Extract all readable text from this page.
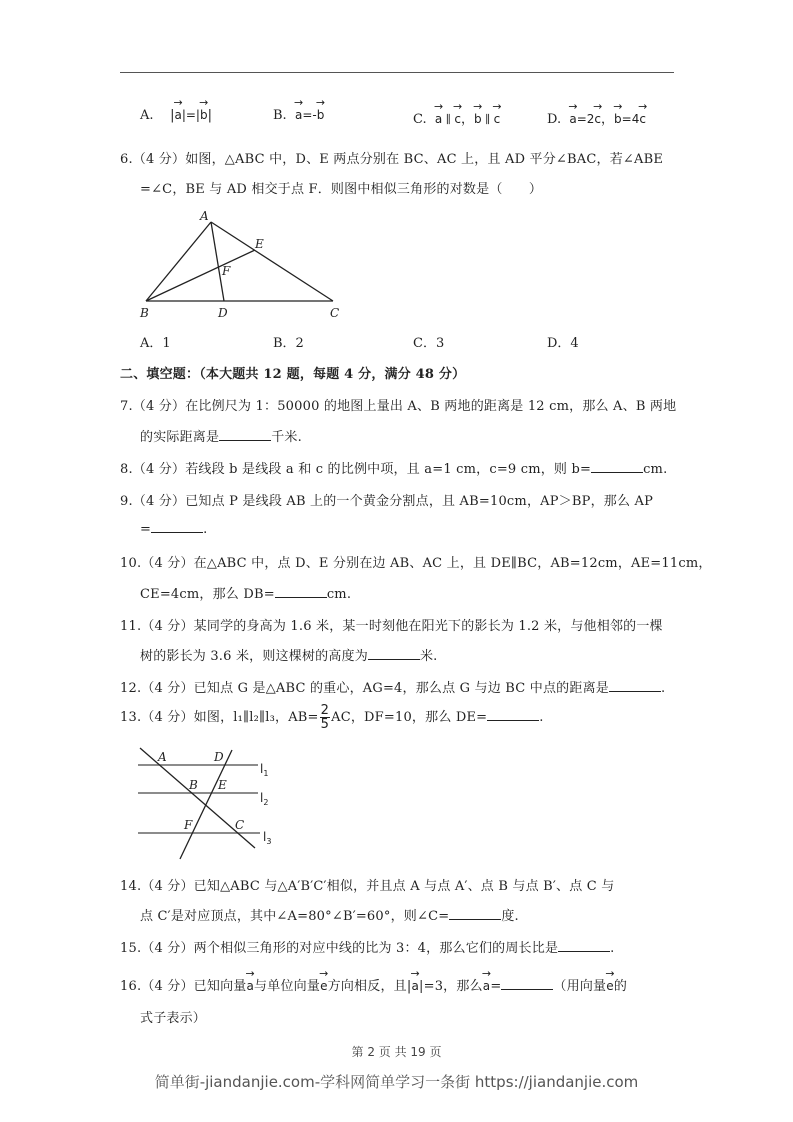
A. |→ a|=|→ b|	B. → a=-→ b	C. → a ∥ → c，→ b ∥ → c	D. → a=2→ c，→ b=4→ c
6.（4 分）如图，△ABC 中，D、E 两点分别在 BC、AC 上，且 AD 平分∠BAC，若∠ABE
=∠C，BE 与 AD 相交于点 F．则图中相似三角形的对数是（　　）
A
B	C
D
E
F
A．1	B．2	C．3	D．4
二、填空题：（本大题共 12 题，每题 4 分，满分 48 分）
7.（4 分）在比例尺为 1：50000 的地图上量出 A、B 两地的距离是 12 cm，那么 A、B 两地
的实际距离是	千米.
8.（4 分）若线段 b 是线段 a 和 c 的比例中项，且 a=1 cm，c=9 cm，则 b=	cm.
9.（4 分）已知点 P 是线段 AB 上的一个黄金分割点，且 AB=10cm，AP＞BP，那么 AP
=	.
10.（4 分）在△ABC 中，点 D、E 分别在边 AB、AC 上，且 DE∥BC，AB=12cm，AE=11cm，
CE=4cm，那么 DB=	cm.
11.（4 分）某同学的身高为 1.6 米，某一时刻他在阳光下的影长为 1.2 米，与他相邻的一棵
树的影长为 3.6 米，则这棵树的高度为	米.
12.（4 分）已知点 G 是△ABC 的重心，AG=4，那么点 G 与边 BC 中点的距离是	.
13.（4 分）如图，l₁∥l₂∥l₃，$AB= \frac{2}{5}$ AC，DF=10，那么 DE=	.
A	D
B E
F	C
$l_1$
$l_2$
$l_3$
14.（4 分）已知△ABC 与△A′B′C′相似，并且点 A 与点 A′、点 B 与点 B′、点 C 与
点 C′是对应顶点，其中∠A=80°∠B′=60°，则∠C=	度.
15.（4 分）两个相似三角形的对应中线的比为 3：4，那么它们的周长比是	.
16.（4 分）已知向量→ a与单位向量→ e方向相反，且|→ a|=3，那么→ a=	（用向量→ e的
式子表示）
第 2 页 共 19 页
简单街-jiandanjie.com-学科网简单学习一条街 https://jiandanjie.com
